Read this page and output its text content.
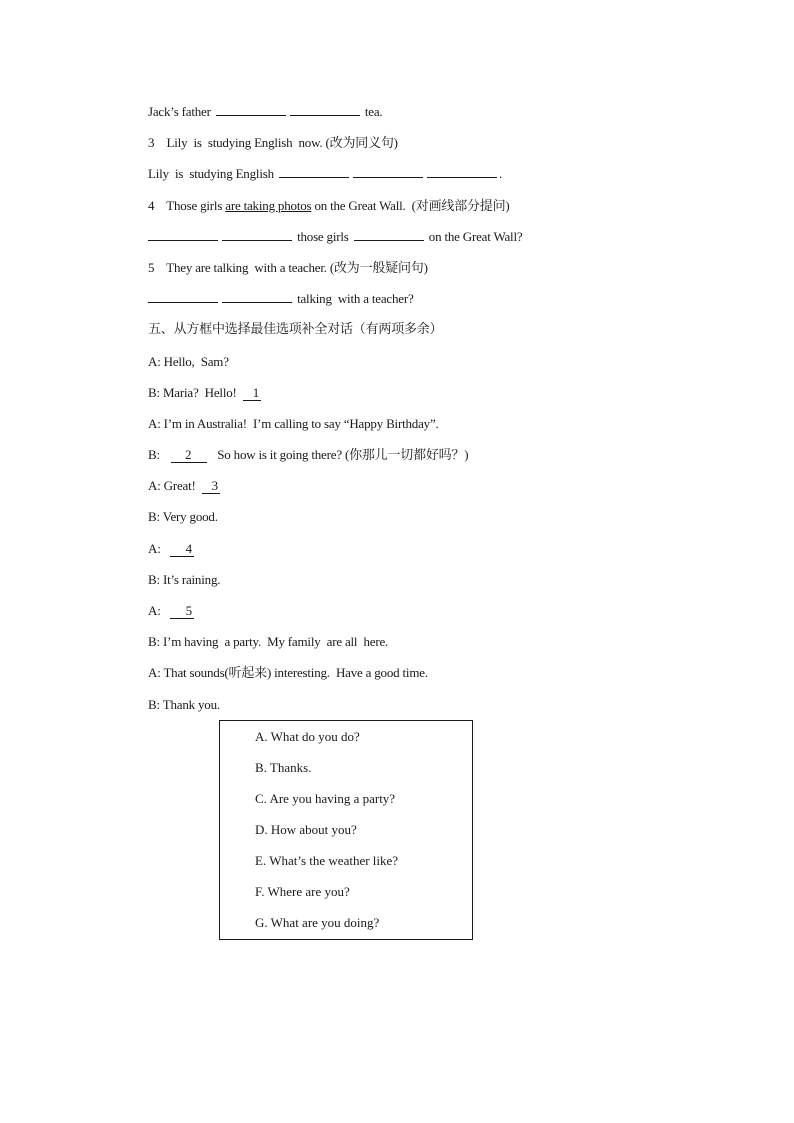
Jack’s father	tea.
3    Lily  is  studying English  now. (改为同义句)
Lily  is  studying English	.
4    Those girls are taking photos on the Great Wall.  (对画线部分提问)
those girls	on the Great Wall?
5    They are talking  with a teacher. (改为一般疑问句)
talking  with a teacher?
五、从方框中选择最佳选项补全对话（有两项多余）
A: Hello,  Sam?
B: Maria?  Hello! 1
A: I’m in Australia!  I’m calling to say “Happy Birthday”.
B: 2 So how is it going there? (你那儿一切都好吗？)
A: Great! 3
B: Very good.
A: 4
B: It’s raining.
A: 5
B: I’m having  a party.  My family  are all  here.
A: That sounds(听起来) interesting.  Have a good time.
B: Thank you.
A. What do you do?
B. Thanks.
C. Are you having a party?
D. How about you?
E. What’s the weather like?
F. Where are you?
G. What are you doing?
